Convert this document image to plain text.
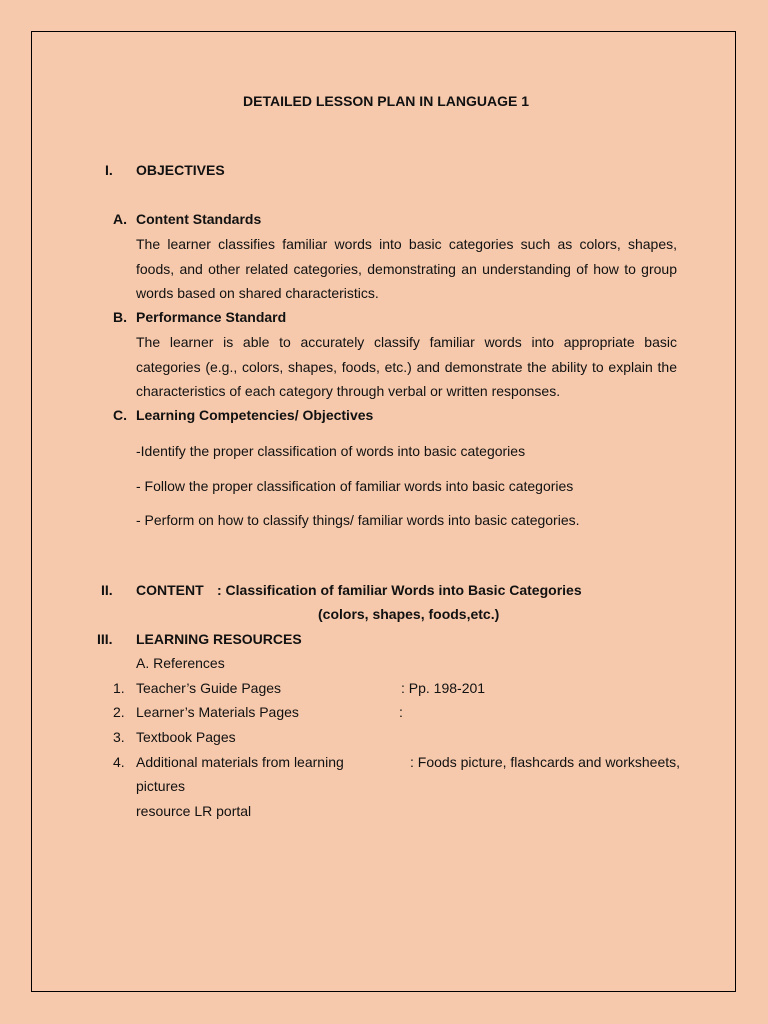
DETAILED LESSON PLAN IN LANGUAGE 1
I. OBJECTIVES
A. Content Standards
The learner classifies familiar words into basic categories such as colors, shapes, foods, and other related categories, demonstrating an understanding of how to group words based on shared characteristics.
B. Performance Standard
The learner is able to accurately classify familiar words into appropriate basic categories (e.g., colors, shapes, foods, etc.) and demonstrate the ability to explain the characteristics of each category through verbal or written responses.
C. Learning Competencies/ Objectives
-Identify the proper classification of words into basic categories
- Follow the proper classification of familiar words into basic categories
- Perform on how to classify things/ familiar words into basic categories.
II. CONTENT : Classification of familiar Words into Basic Categories
(colors, shapes, foods,etc.)
III. LEARNING RESOURCES
A. References
1. Teacher’s Guide Pages	: Pp. 198-201
2. Learner’s Materials Pages	:
3. Textbook Pages
4. Additional materials from learning	: Foods picture, flashcards and worksheets,
pictures
resource LR portal
